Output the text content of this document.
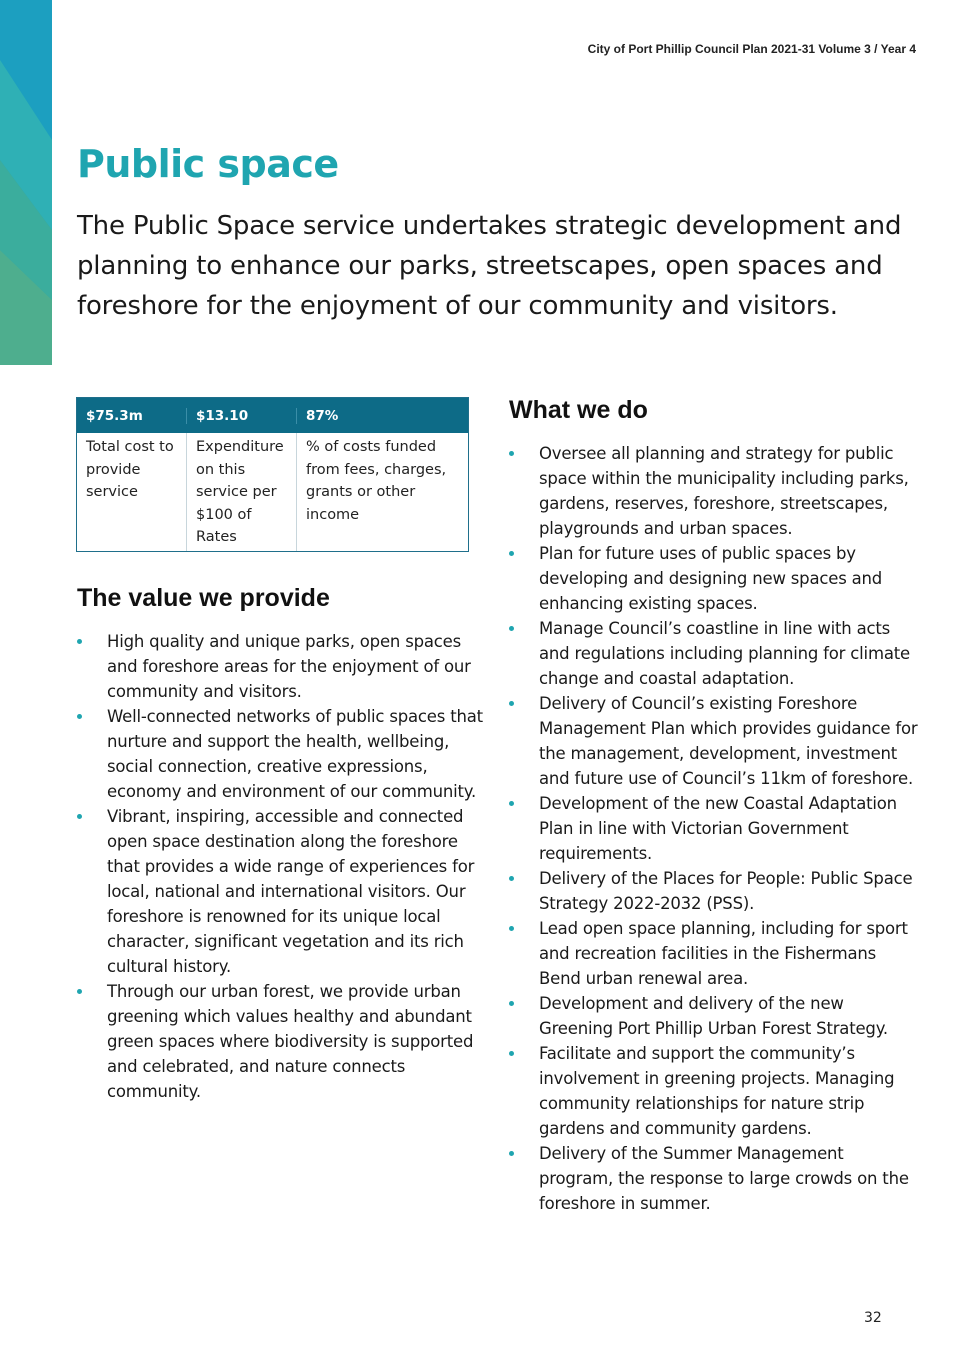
City of Port Phillip Council Plan 2021-31 Volume 3 / Year 4
Public space

The Public Space service undertakes strategic development and planning to enhance our parks, streetscapes, open spaces and foreshore for the enjoyment of our community and visitors.

$75.3m	$13.10	87%
Total cost to provide service
Expenditure on this service per $100 of Rates
% of costs funded from fees, charges, grants or other income
The value we provide
High quality and unique parks, open spaces and foreshore areas for the enjoyment of our community and visitors.
Well-connected networks of public spaces that nurture and support the health, wellbeing, social connection, creative expressions, economy and environment of our community.
Vibrant, inspiring, accessible and connected open space destination along the foreshore that provides a wide range of experiences for local, national and international visitors. Our foreshore is renowned for its unique local character, significant vegetation and its rich cultural history.
Through our urban forest, we provide urban greening which values healthy and abundant green spaces where biodiversity is supported and celebrated, and nature connects community.
What we do
Oversee all planning and strategy for public space within the municipality including parks, gardens, reserves, foreshore, streetscapes, playgrounds and urban spaces.
Plan for future uses of public spaces by developing and designing new spaces and enhancing existing spaces.
Manage Council’s coastline in line with acts and regulations including planning for climate change and coastal adaptation.
Delivery of Council’s existing Foreshore Management Plan which provides guidance for the management, development, investment and future use of Council’s 11km of foreshore.
Development of the new Coastal Adaptation Plan in line with Victorian Government requirements.
Delivery of the Places for People: Public Space Strategy 2022-2032 (PSS).
Lead open space planning, including for sport and recreation facilities in the Fishermans Bend urban renewal area.
Development and delivery of the new Greening Port Phillip Urban Forest Strategy.
Facilitate and support the community’s involvement in greening projects. Managing community relationships for nature strip gardens and community gardens.
Delivery of the Summer Management program, the response to large crowds on the foreshore in summer.
32
